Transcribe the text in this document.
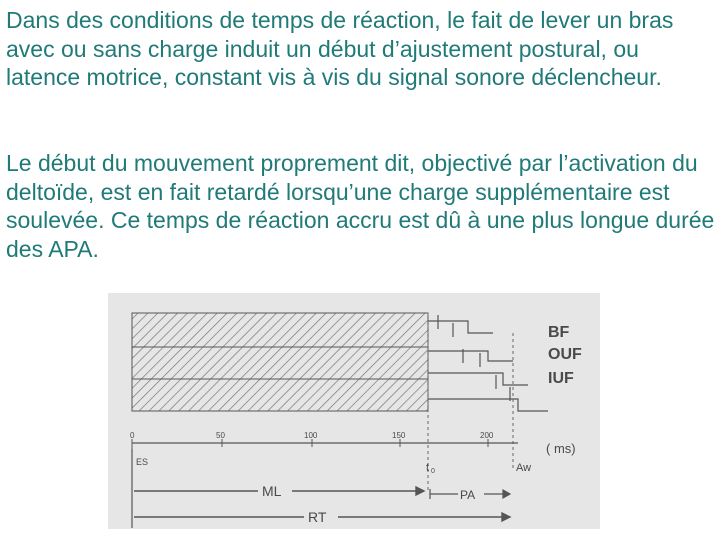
Dans des conditions de temps de réaction, le fait de lever un bras avec ou sans charge induit un début d’ajustement postural, ou latence motrice, constant vis à vis du signal sonore déclencheur.

Le début du mouvement proprement dit, objectivé par l’activation du deltoïde, est en fait retardé lorsqu’une charge supplémentaire est soulevée. Ce temps de réaction accru est dû à une plus longue durée des APA.

0	50	100	150	200
( ms)
BF
OUF
IUF
ES	t 0	Aw
ML	PA
RT
